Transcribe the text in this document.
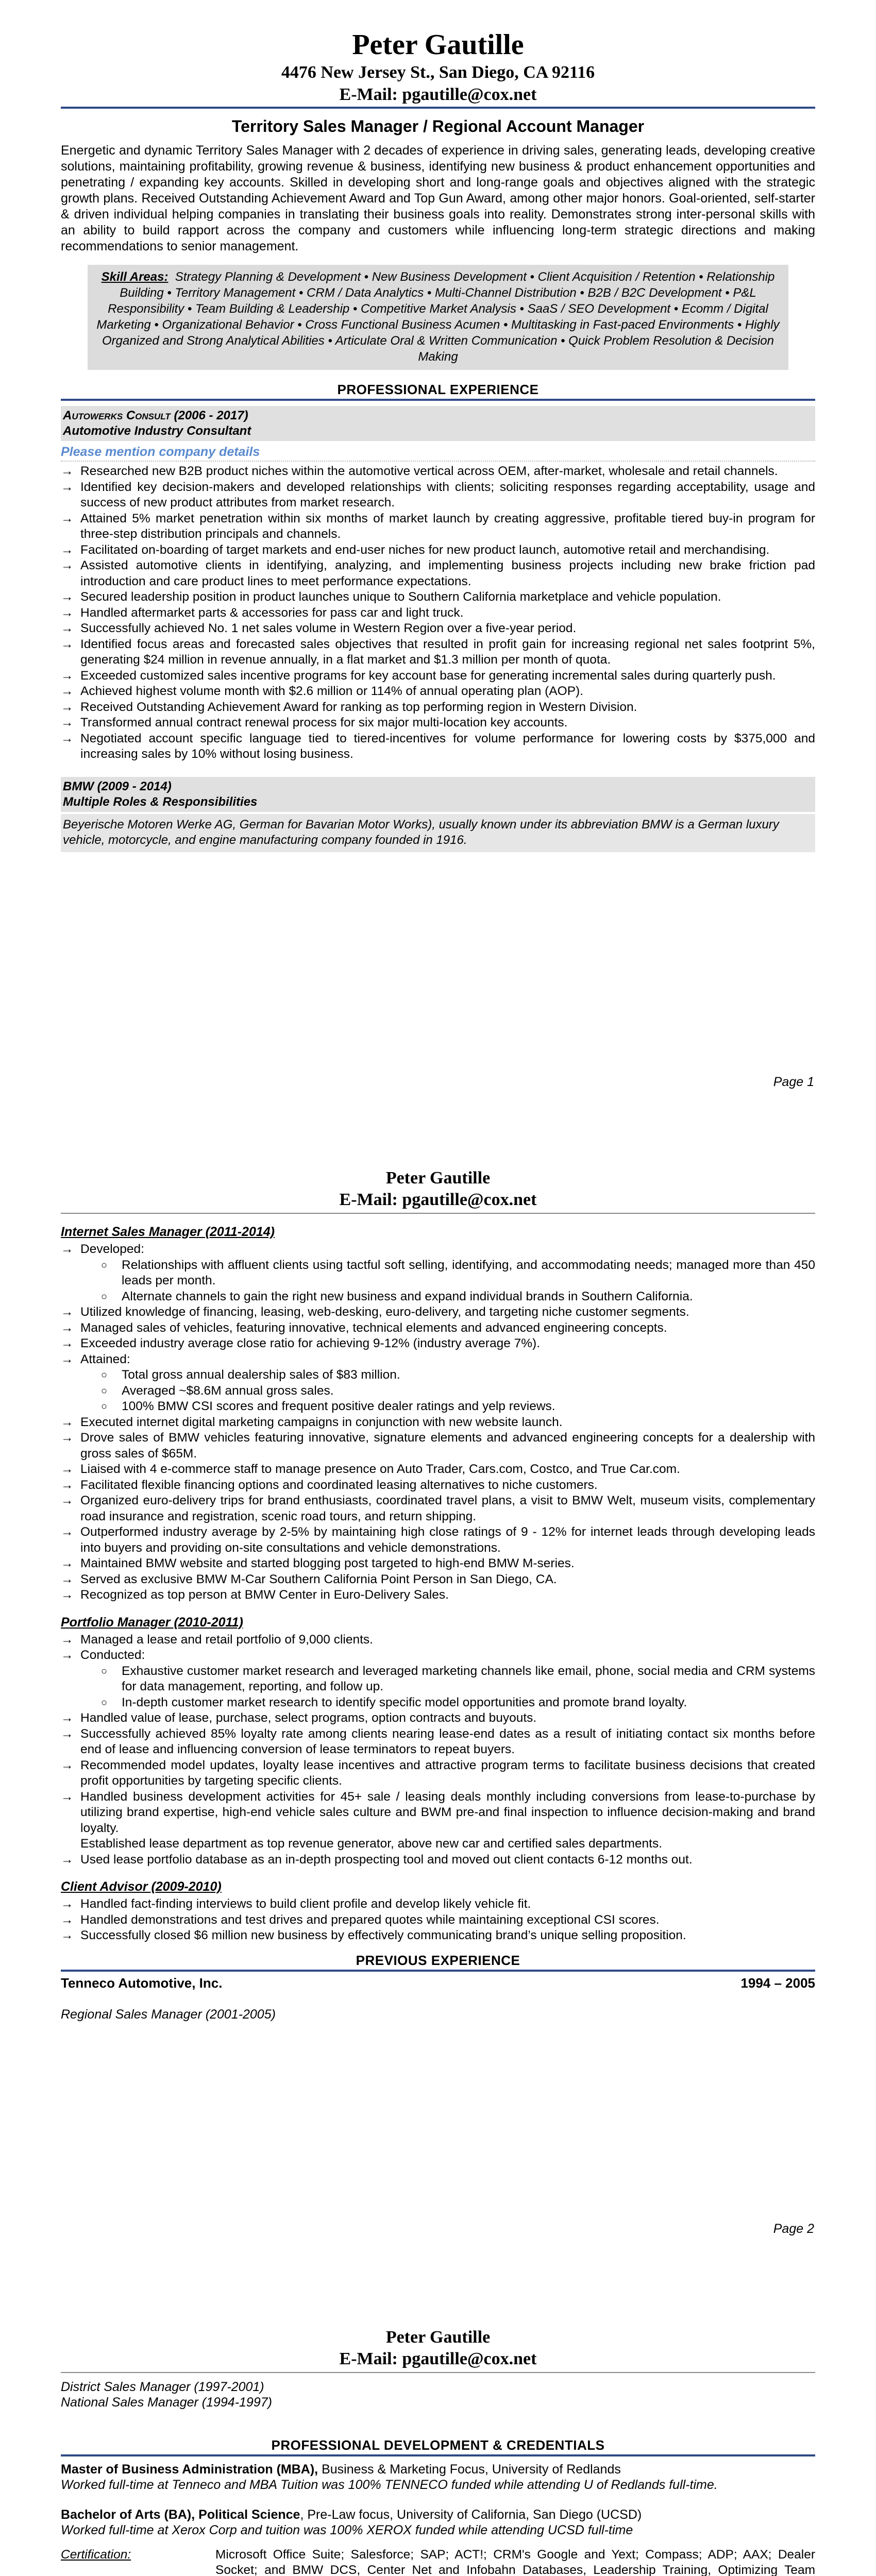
Peter Gautille
4476 New Jersey St., San Diego, CA 92116
E-Mail: pgautille@cox.net
Territory Sales Manager / Regional Account Manager

Energetic and dynamic Territory Sales Manager with 2 decades of experience in driving sales, generating leads, developing creative solutions, maintaining profitability, growing revenue & business, identifying new business & product enhancement opportunities and penetrating / expanding key accounts. Skilled in developing short and long-range goals and objectives aligned with the strategic growth plans. Received Outstanding Achievement Award and Top Gun Award, among other major honors. Goal-oriented, self-starter & driven individual helping companies in translating their business goals into reality. Demonstrates strong inter-personal skills with an ability to build rapport across the company and customers while influencing long-term strategic directions and making recommendations to senior management.

Skill Areas: Strategy Planning & Development • New Business Development • Client Acquisition / Retention • Relationship Building • Territory Management • CRM / Data Analytics • Multi-Channel Distribution • B2B / B2C Development • P&L Responsibility • Team Building & Leadership • Competitive Market Analysis • SaaS / SEO Development • Ecomm / Digital Marketing • Organizational Behavior • Cross Functional Business Acumen • Multitasking in Fast-paced Environments • Highly Organized and Strong Analytical Abilities • Articulate Oral & Written Communication • Quick Problem Resolution & Decision Making
PROFESSIONAL EXPERIENCE
Autowerks Consult (2006 - 2017)
Automotive Industry Consultant
Please mention company details
→ Researched new B2B product niches within the automotive vertical across OEM, after-market, wholesale and retail channels.
→ Identified key decision-makers and developed relationships with clients; soliciting responses regarding acceptability, usage and success of new product attributes from market research.
→ Attained 5% market penetration within six months of market launch by creating aggressive, profitable tiered buy-in program for three-step distribution principals and channels.
→ Facilitated on-boarding of target markets and end-user niches for new product launch, automotive retail and merchandising.
→ Assisted automotive clients in identifying, analyzing, and implementing business projects including new brake friction pad introduction and care product lines to meet performance expectations.
→ Secured leadership position in product launches unique to Southern California marketplace and vehicle population.
→ Handled aftermarket parts & accessories for pass car and light truck.
→ Successfully achieved No. 1 net sales volume in Western Region over a five-year period.
→ Identified focus areas and forecasted sales objectives that resulted in profit gain for increasing regional net sales footprint 5%, generating $24 million in revenue annually, in a flat market and $1.3 million per month of quota.
→ Exceeded customized sales incentive programs for key account base for generating incremental sales during quarterly push.
→ Achieved highest volume month with $2.6 million or 114% of annual operating plan (AOP).
→ Received Outstanding Achievement Award for ranking as top performing region in Western Division.
→ Transformed annual contract renewal process for six major multi-location key accounts.
→ Negotiated account specific language tied to tiered-incentives for volume performance for lowering costs by $375,000 and increasing sales by 10% without losing business.
BMW (2009 - 2014)
Multiple Roles & Responsibilities
Beyerische Motoren Werke AG, German for Bavarian Motor Works), usually known under its abbreviation BMW is a German luxury vehicle, motorcycle, and engine manufacturing company founded in 1916.
Page 1
Peter Gautille
E-Mail: pgautille@cox.net
Internet Sales Manager (2011-2014)
→ Developed:
○ Relationships with affluent clients using tactful soft selling, identifying, and accommodating needs; managed more than 450 leads per month.
○ Alternate channels to gain the right new business and expand individual brands in Southern California.
→ Utilized knowledge of financing, leasing, web-desking, euro-delivery, and targeting niche customer segments.
→ Managed sales of vehicles, featuring innovative, technical elements and advanced engineering concepts.
→ Exceeded industry average close ratio for achieving 9-12% (industry average 7%).
→ Attained:
○ Total gross annual dealership sales of $83 million.
○ Averaged ~$8.6M annual gross sales.
○ 100% BMW CSI scores and frequent positive dealer ratings and yelp reviews.
→ Executed internet digital marketing campaigns in conjunction with new website launch.
→ Drove sales of BMW vehicles featuring innovative, signature elements and advanced engineering concepts for a dealership with gross sales of $65M.
→ Liaised with 4 e-commerce staff to manage presence on Auto Trader, Cars.com, Costco, and True Car.com.
→ Facilitated flexible financing options and coordinated leasing alternatives to niche customers.
→ Organized euro-delivery trips for brand enthusiasts, coordinated travel plans, a visit to BMW Welt, museum visits, complementary road insurance and registration, scenic road tours, and return shipping.
→ Outperformed industry average by 2-5% by maintaining high close ratings of 9 - 12% for internet leads through developing leads into buyers and providing on-site consultations and vehicle demonstrations.
→ Maintained BMW website and started blogging post targeted to high-end BMW M-series.
→ Served as exclusive BMW M-Car Southern California Point Person in San Diego, CA.
→ Recognized as top person at BMW Center in Euro-Delivery Sales.
Portfolio Manager (2010-2011)
→ Managed a lease and retail portfolio of 9,000 clients.
→ Conducted:
○ Exhaustive customer market research and leveraged marketing channels like email, phone, social media and CRM systems for data management, reporting, and follow up.
○ In-depth customer market research to identify specific model opportunities and promote brand loyalty.
→ Handled value of lease, purchase, select programs, option contracts and buyouts.
→ Successfully achieved 85% loyalty rate among clients nearing lease-end dates as a result of initiating contact six months before end of lease and influencing conversion of lease terminators to repeat buyers.
→ Recommended model updates, loyalty lease incentives and attractive program terms to facilitate business decisions that created profit opportunities by targeting specific clients.
→ Handled business development activities for 45+ sale / leasing deals monthly including conversions from lease-to-purchase by utilizing brand expertise, high-end vehicle sales culture and BWM pre-and final inspection to influence decision-making and brand loyalty.
Established lease department as top revenue generator, above new car and certified sales departments.
→ Used lease portfolio database as an in-depth prospecting tool and moved out client contacts 6-12 months out.
Client Advisor (2009-2010)
→ Handled fact-finding interviews to build client profile and develop likely vehicle fit.
→ Handled demonstrations and test drives and prepared quotes while maintaining exceptional CSI scores.
→ Successfully closed $6 million new business by effectively communicating brand’s unique selling proposition.
PREVIOUS EXPERIENCE
Tenneco Automotive, Inc.	1994 – 2005
Regional Sales Manager (2001-2005)
Page 2
Peter Gautille
E-Mail: pgautille@cox.net
District Sales Manager (1997-2001)
National Sales Manager (1994-1997)
PROFESSIONAL DEVELOPMENT & CREDENTIALS
Master of Business Administration (MBA), Business & Marketing Focus, University of Redlands
Worked full-time at Tenneco and MBA Tuition was 100% TENNECO funded while attending U of Redlands full-time.
Bachelor of Arts (BA), Political Science, Pre-Law focus, University of California, San Diego (UCSD)
Worked full-time at Xerox Corp and tuition was 100% XEROX funded while attending UCSD full-time
Certification:	Microsoft Office Suite; Salesforce; SAP; ACT!; CRM's Google and Yext; Compass; ADP; AAX; Dealer Socket; and BMW DCS, Center Net and Infobahn Databases, Leadership Training, Optimizing Team
